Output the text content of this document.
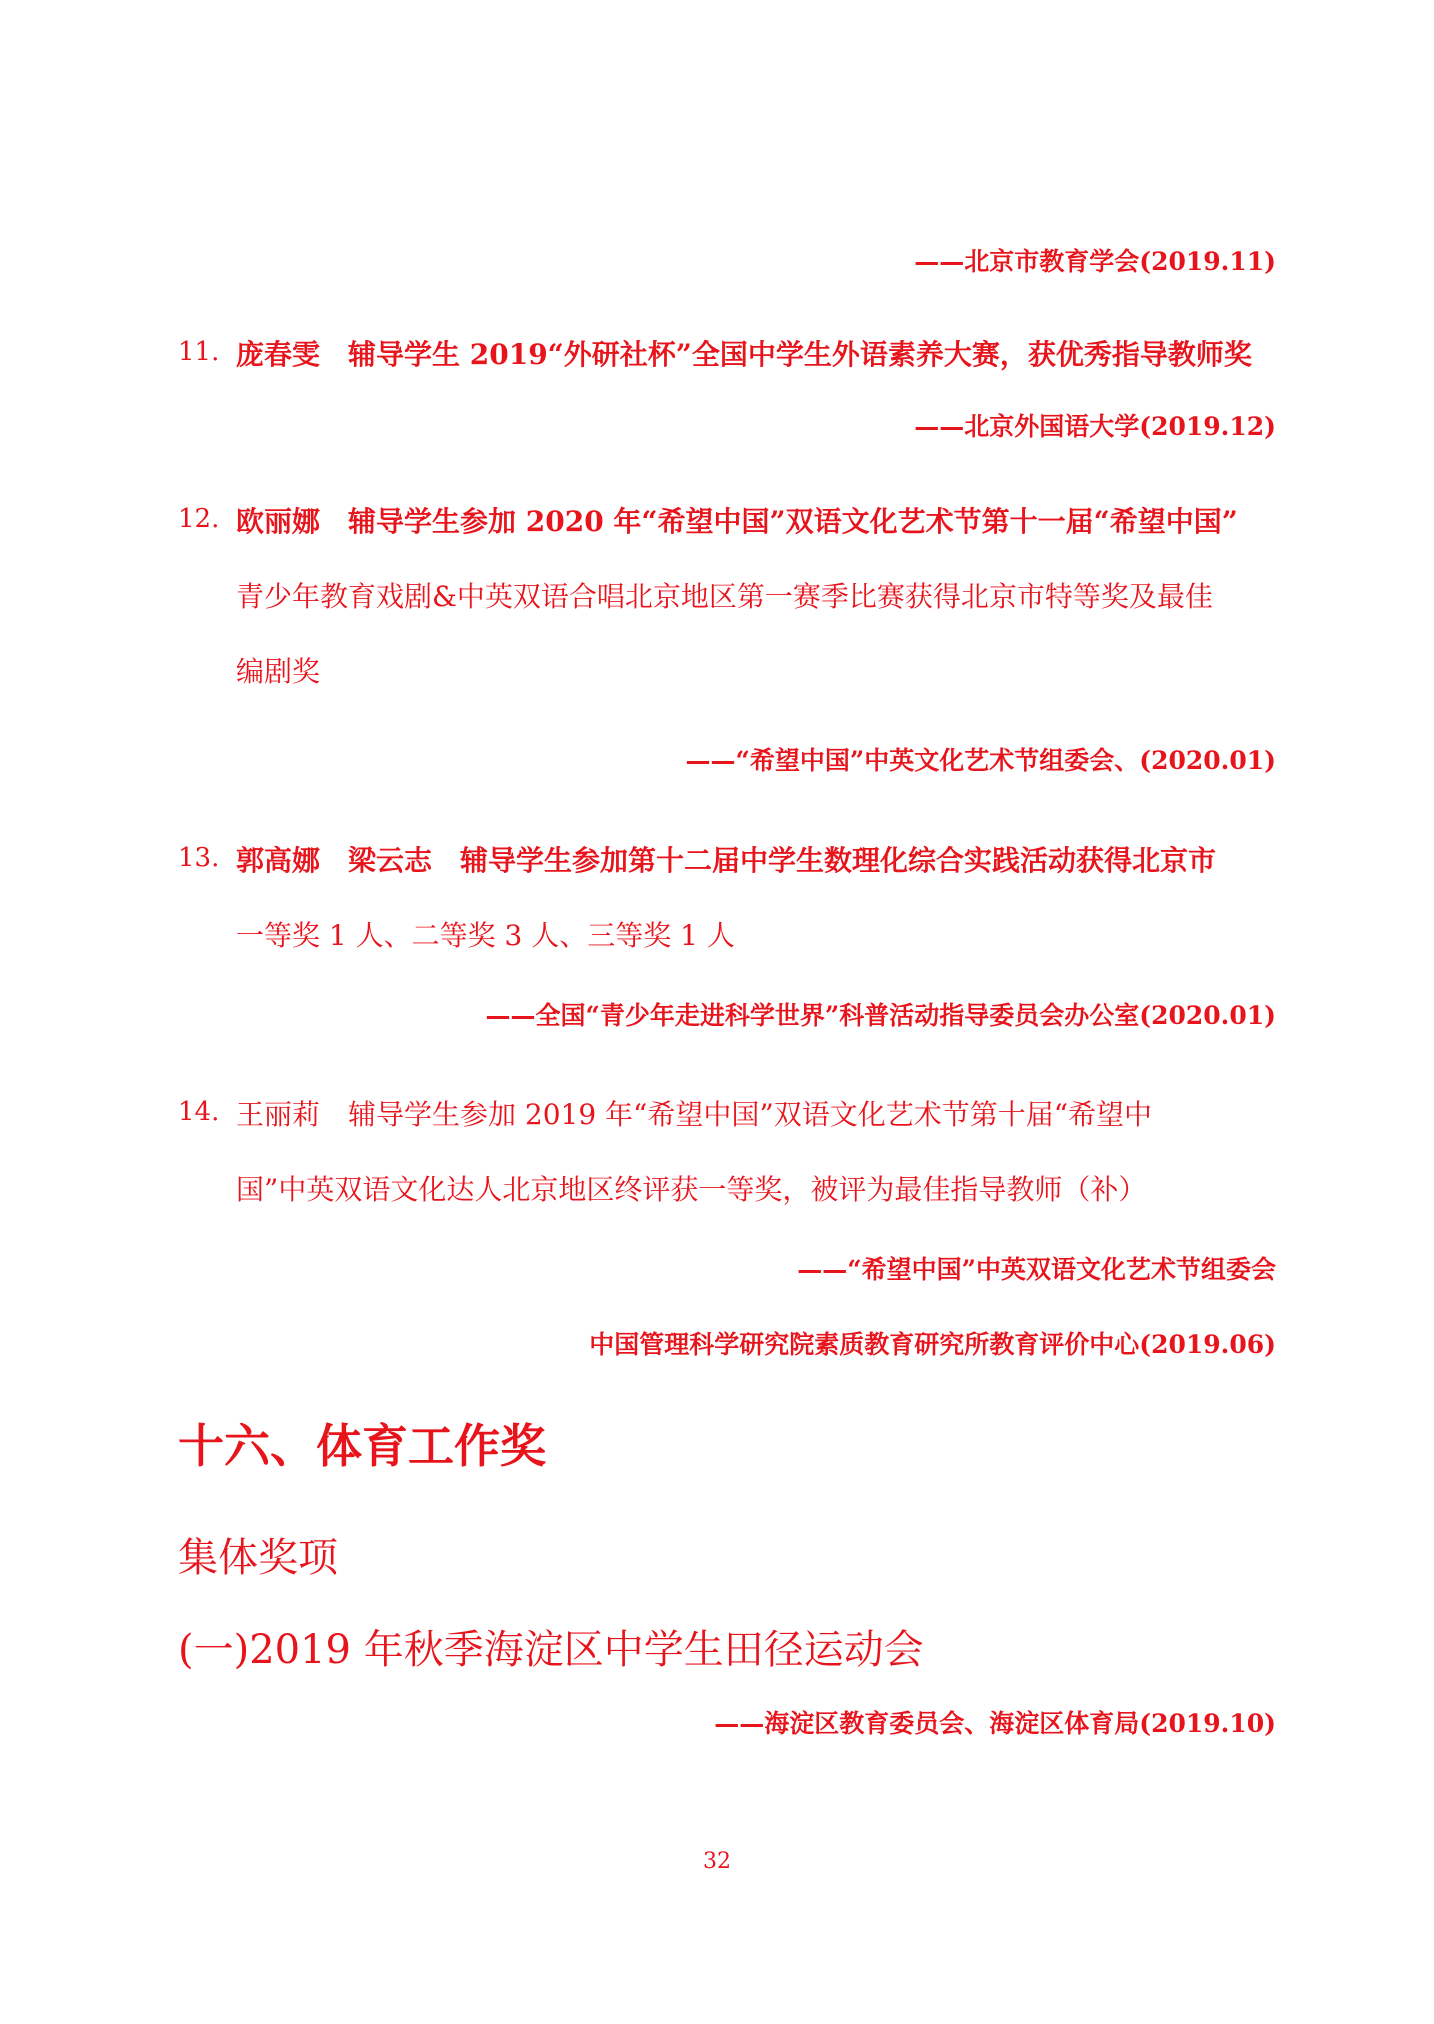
——北京市教育学会(2019.11)
11. 庞春雯　辅导学生 2019“外研社杯”全国中学生外语素养大赛，获优秀指导教师奖
——北京外国语大学(2019.12)
12. 欧丽娜　辅导学生参加 2020 年“希望中国”双语文化艺术节第十一届“希望中国”
青少年教育戏剧&中英双语合唱北京地区第一赛季比赛获得北京市特等奖及最佳
编剧奖
——“希望中国”中英文化艺术节组委会、(2020.01)
13. 郭高娜　梁云志　辅导学生参加第十二届中学生数理化综合实践活动获得北京市
一等奖 1 人、二等奖 3 人、三等奖 1 人
——全国“青少年走进科学世界”科普活动指导委员会办公室(2020.01)
14. 王丽莉　辅导学生参加 2019 年“希望中国”双语文化艺术节第十届“希望中
国”中英双语文化达人北京地区终评获一等奖，被评为最佳指导教师（补）
——“希望中国”中英双语文化艺术节组委会
中国管理科学研究院素质教育研究所教育评价中心(2019.06)
十六、体育工作奖
集体奖项
(一)2019 年秋季海淀区中学生田径运动会
——海淀区教育委员会、海淀区体育局(2019.10)
32
